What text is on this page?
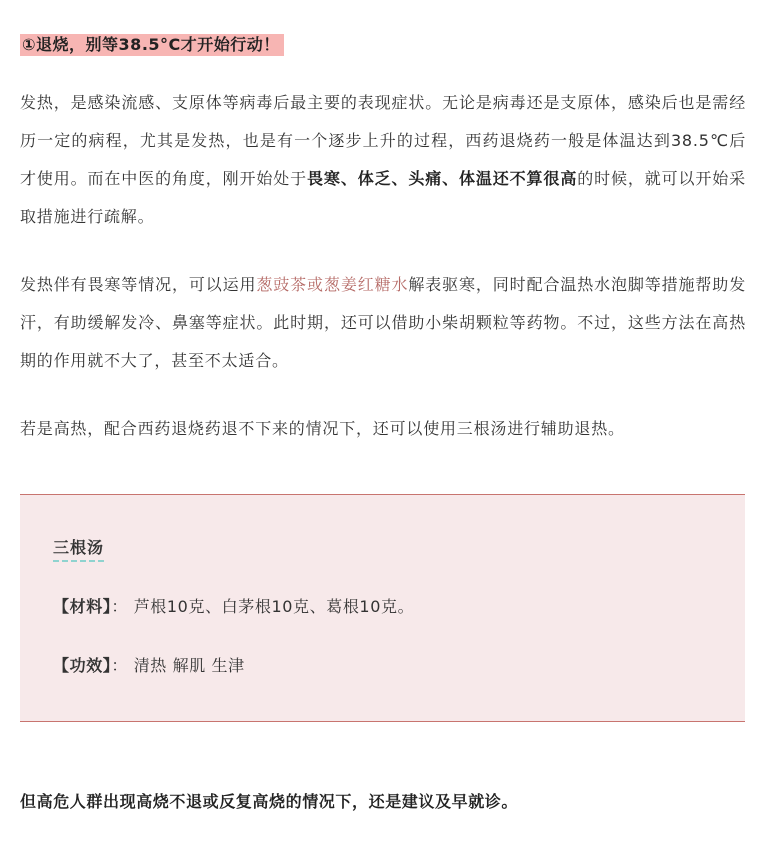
①退烧，别等38.5°C才开始行动！

发热，是感染流感、支原体等病毒后最主要的表现症状。无论是病毒还是支原体，感染后也是需经历一定的病程，尤其是发热，也是有一个逐步上升的过程，西药退烧药一般是体温达到38.5℃后才使用。而在中医的角度，刚开始处于畏寒、体乏、头痛、体温还不算很高的时候，就可以开始采取措施进行疏解。

发热伴有畏寒等情况，可以运用葱豉茶或葱姜红糖水解表驱寒，同时配合温热水泡脚等措施帮助发汗，有助缓解发冷、鼻塞等症状。此时期，还可以借助小柴胡颗粒等药物。不过，这些方法在高热期的作用就不大了，甚至不太适合。

若是高热，配合西药退烧药退不下来的情况下，还可以使用三根汤进行辅助退热。

三根汤
【材料】： 芦根10克、白茅根10克、葛根10克。
【功效】： 清热 解肌 生津
但高危人群出现高烧不退或反复高烧的情况下，还是建议及早就诊。
